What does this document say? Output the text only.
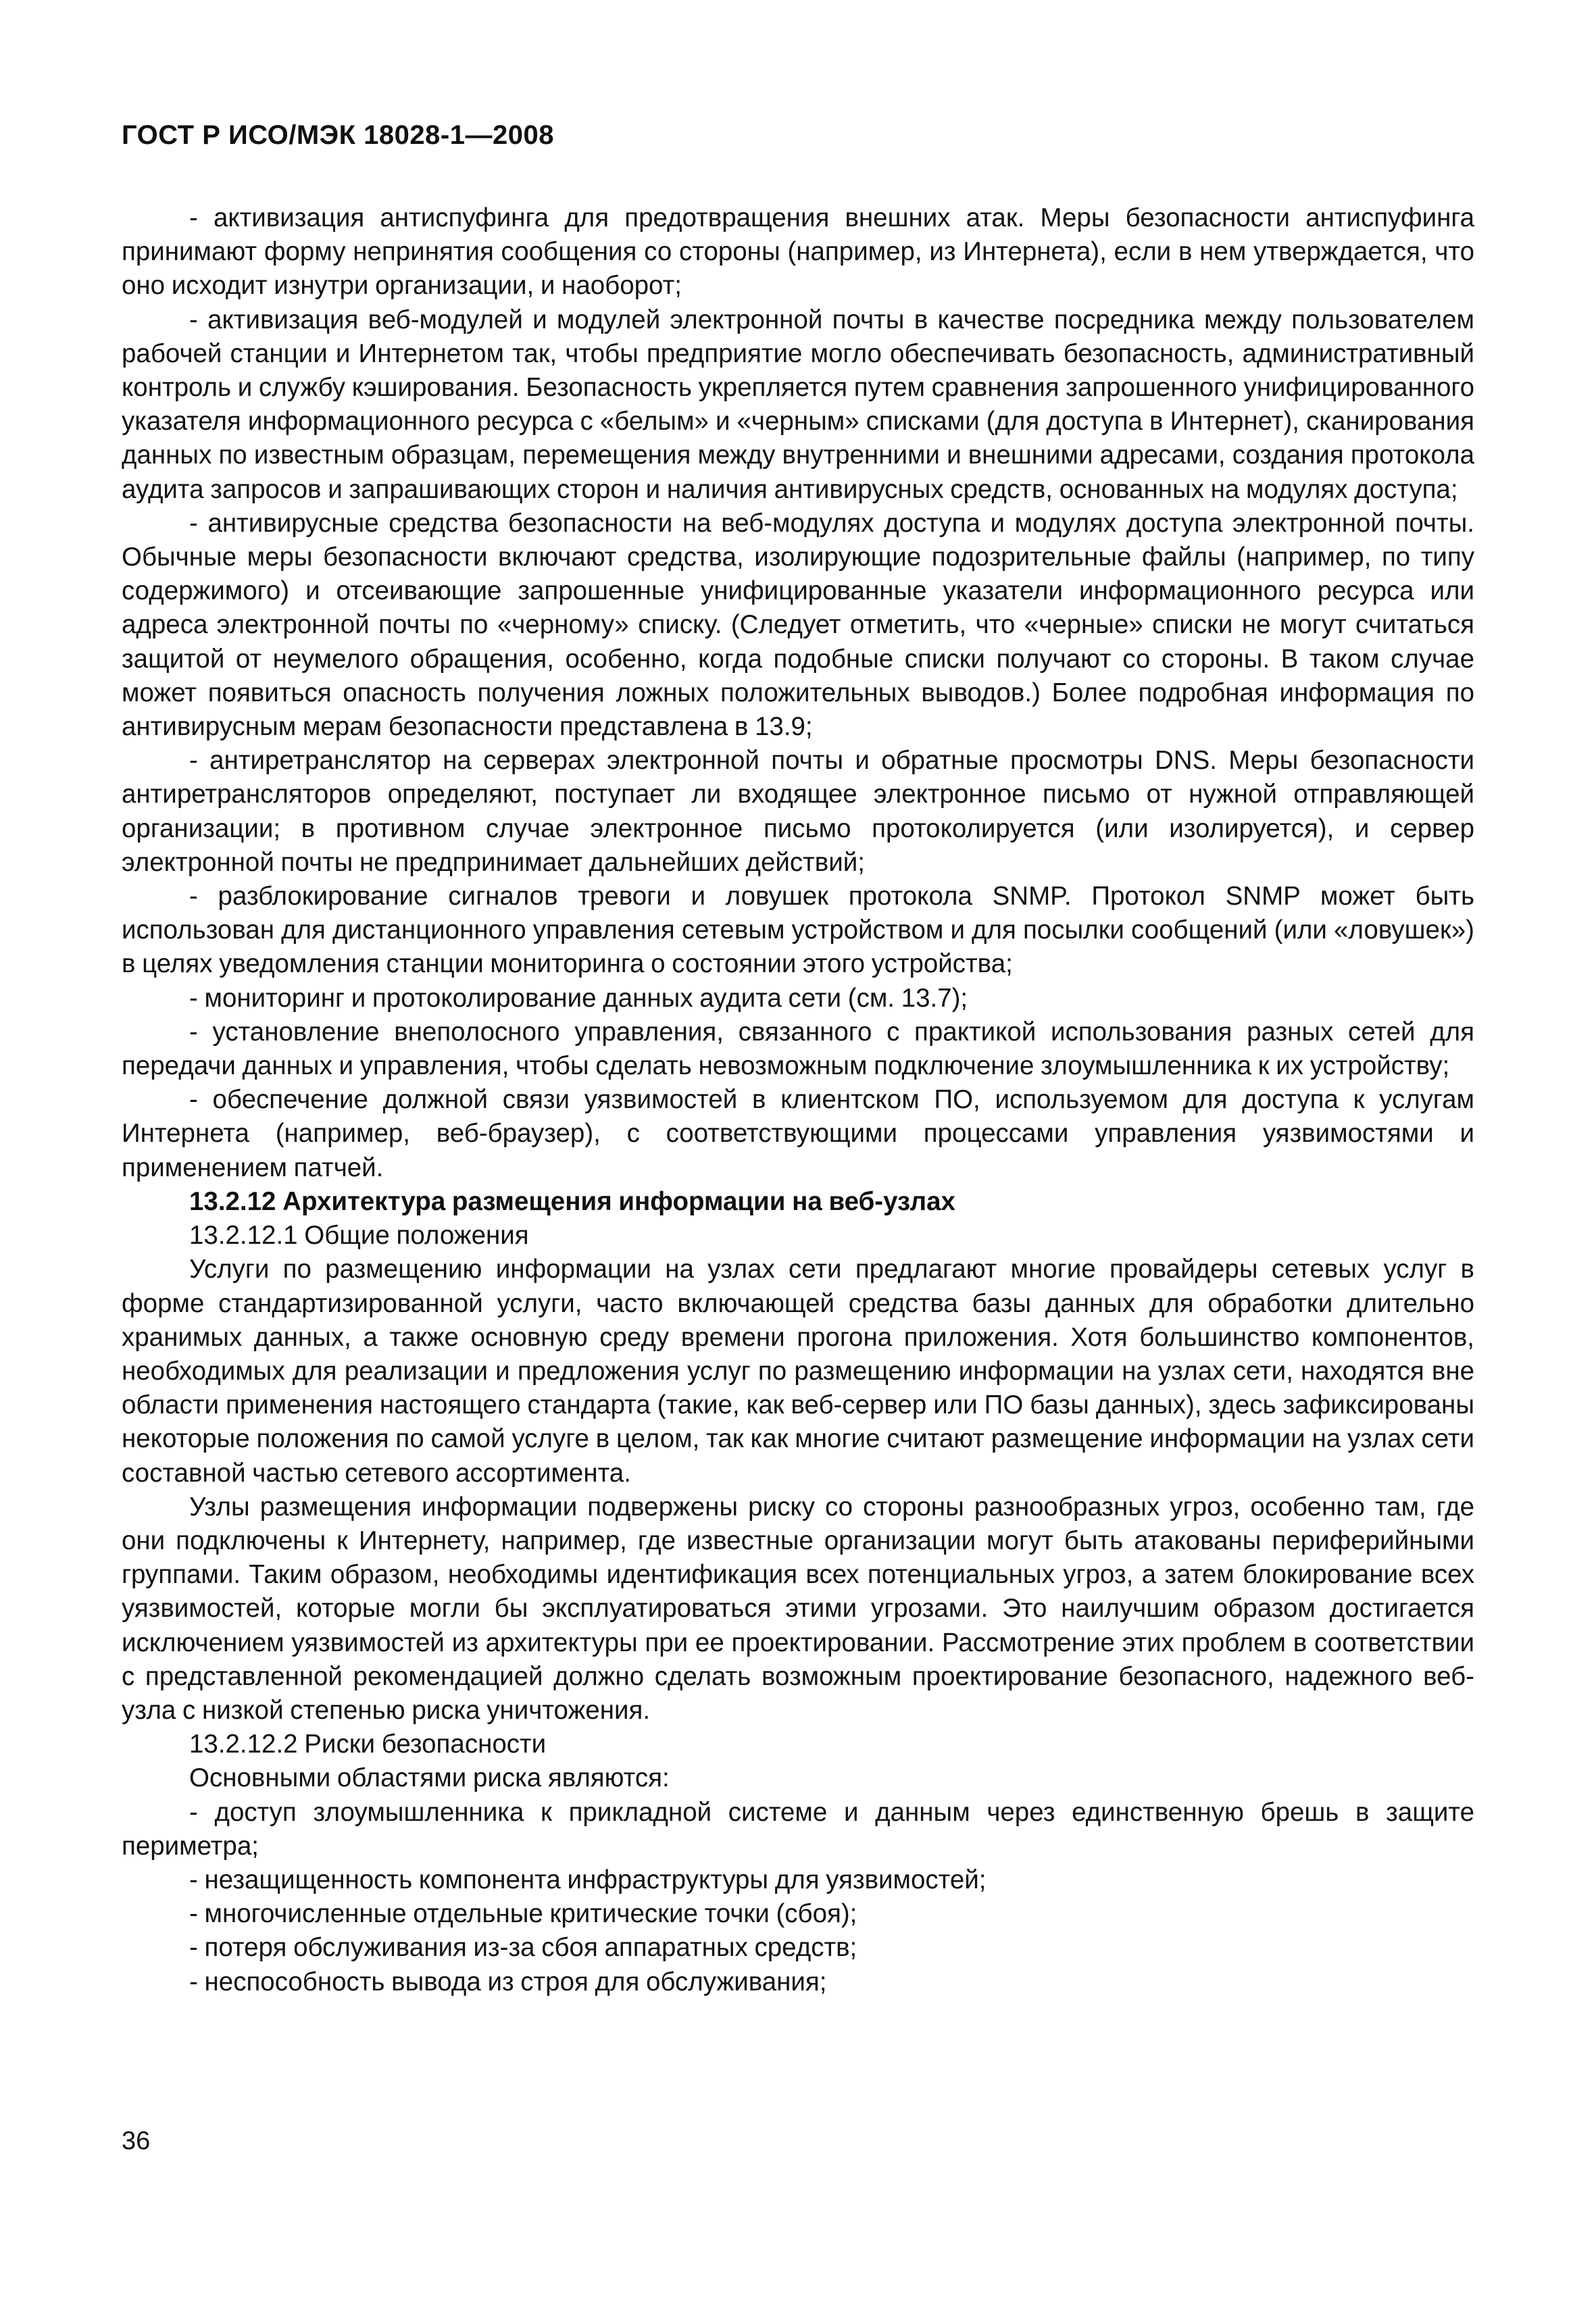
ГОСТ Р ИСО/МЭК 18028-1—2008

- активизация антиспуфинга для предотвращения внешних атак. Меры безопасности антиспуфинга принимают форму непринятия сообщения со стороны (например, из Интернета), если в нем утверждается, что оно исходит изнутри организации, и наоборот;

- активизация веб-модулей и модулей электронной почты в качестве посредника между пользователем рабочей станции и Интернетом так, чтобы предприятие могло обеспечивать безопасность, административный контроль и службу кэширования. Безопасность укрепляется путем сравнения запрошенного унифицированного указателя информационного ресурса с «белым» и «черным» списками (для доступа в Интернет), сканирования данных по известным образцам, перемещения между внутренними и внешними адресами, создания протокола аудита запросов и запрашивающих сторон и наличия антивирусных средств, основанных на модулях доступа;

- антивирусные средства безопасности на веб-модулях доступа и модулях доступа электронной почты. Обычные меры безопасности включают средства, изолирующие подозрительные файлы (например, по типу содержимого) и отсеивающие запрошенные унифицированные указатели информационного ресурса или адреса электронной почты по «черному» списку. (Следует отметить, что «черные» списки не могут считаться защитой от неумелого обращения, особенно, когда подобные списки получают со стороны. В таком случае может появиться опасность получения ложных положительных выводов.) Более подробная информация по антивирусным мерам безопасности представлена в 13.9;

- антиретранслятор на серверах электронной почты и обратные просмотры DNS. Меры безопасности антиретрансляторов определяют, поступает ли входящее электронное письмо от нужной отправляющей организации; в противном случае электронное письмо протоколируется (или изолируется), и сервер электронной почты не предпринимает дальнейших действий;

- разблокирование сигналов тревоги и ловушек протокола SNMP. Протокол SNMP может быть использован для дистанционного управления сетевым устройством и для посылки сообщений (или «ловушек») в целях уведомления станции мониторинга о состоянии этого устройства;

- мониторинг и протоколирование данных аудита сети (см. 13.7);

- установление внеполосного управления, связанного с практикой использования разных сетей для передачи данных и управления, чтобы сделать невозможным подключение злоумышленника к их устройству;

- обеспечение должной связи уязвимостей в клиентском ПО, используемом для доступа к услугам Интернета (например, веб-браузер), с соответствующими процессами управления уязвимостями и применением патчей.

13.2.12 Архитектура размещения информации на веб-узлах

13.2.12.1 Общие положения

Услуги по размещению информации на узлах сети предлагают многие провайдеры сетевых услуг в форме стандартизированной услуги, часто включающей средства базы данных для обработки длительно хранимых данных, а также основную среду времени прогона приложения. Хотя большинство компонентов, необходимых для реализации и предложения услуг по размещению информации на узлах сети, находятся вне области применения настоящего стандарта (такие, как веб-сервер или ПО базы данных), здесь зафиксированы некоторые положения по самой услуге в целом, так как многие считают размещение информации на узлах сети составной частью сетевого ассортимента.

Узлы размещения информации подвержены риску со стороны разнообразных угроз, особенно там, где они подключены к Интернету, например, где известные организации могут быть атакованы периферийными группами. Таким образом, необходимы идентификация всех потенциальных угроз, а затем блокирование всех уязвимостей, которые могли бы эксплуатироваться этими угрозами. Это наилучшим образом достигается исключением уязвимостей из архитектуры при ее проектировании. Рассмотрение этих проблем в соответствии с представленной рекомендацией должно сделать возможным проектирование безопасного, надежного веб-узла с низкой степенью риска уничтожения.

13.2.12.2 Риски безопасности

Основными областями риска являются:

- доступ злоумышленника к прикладной системе и данным через единственную брешь в защите периметра;

- незащищенность компонента инфраструктуры для уязвимостей;

- многочисленные отдельные критические точки (сбоя);

- потеря обслуживания из-за сбоя аппаратных средств;

- неспособность вывода из строя для обслуживания;

36
